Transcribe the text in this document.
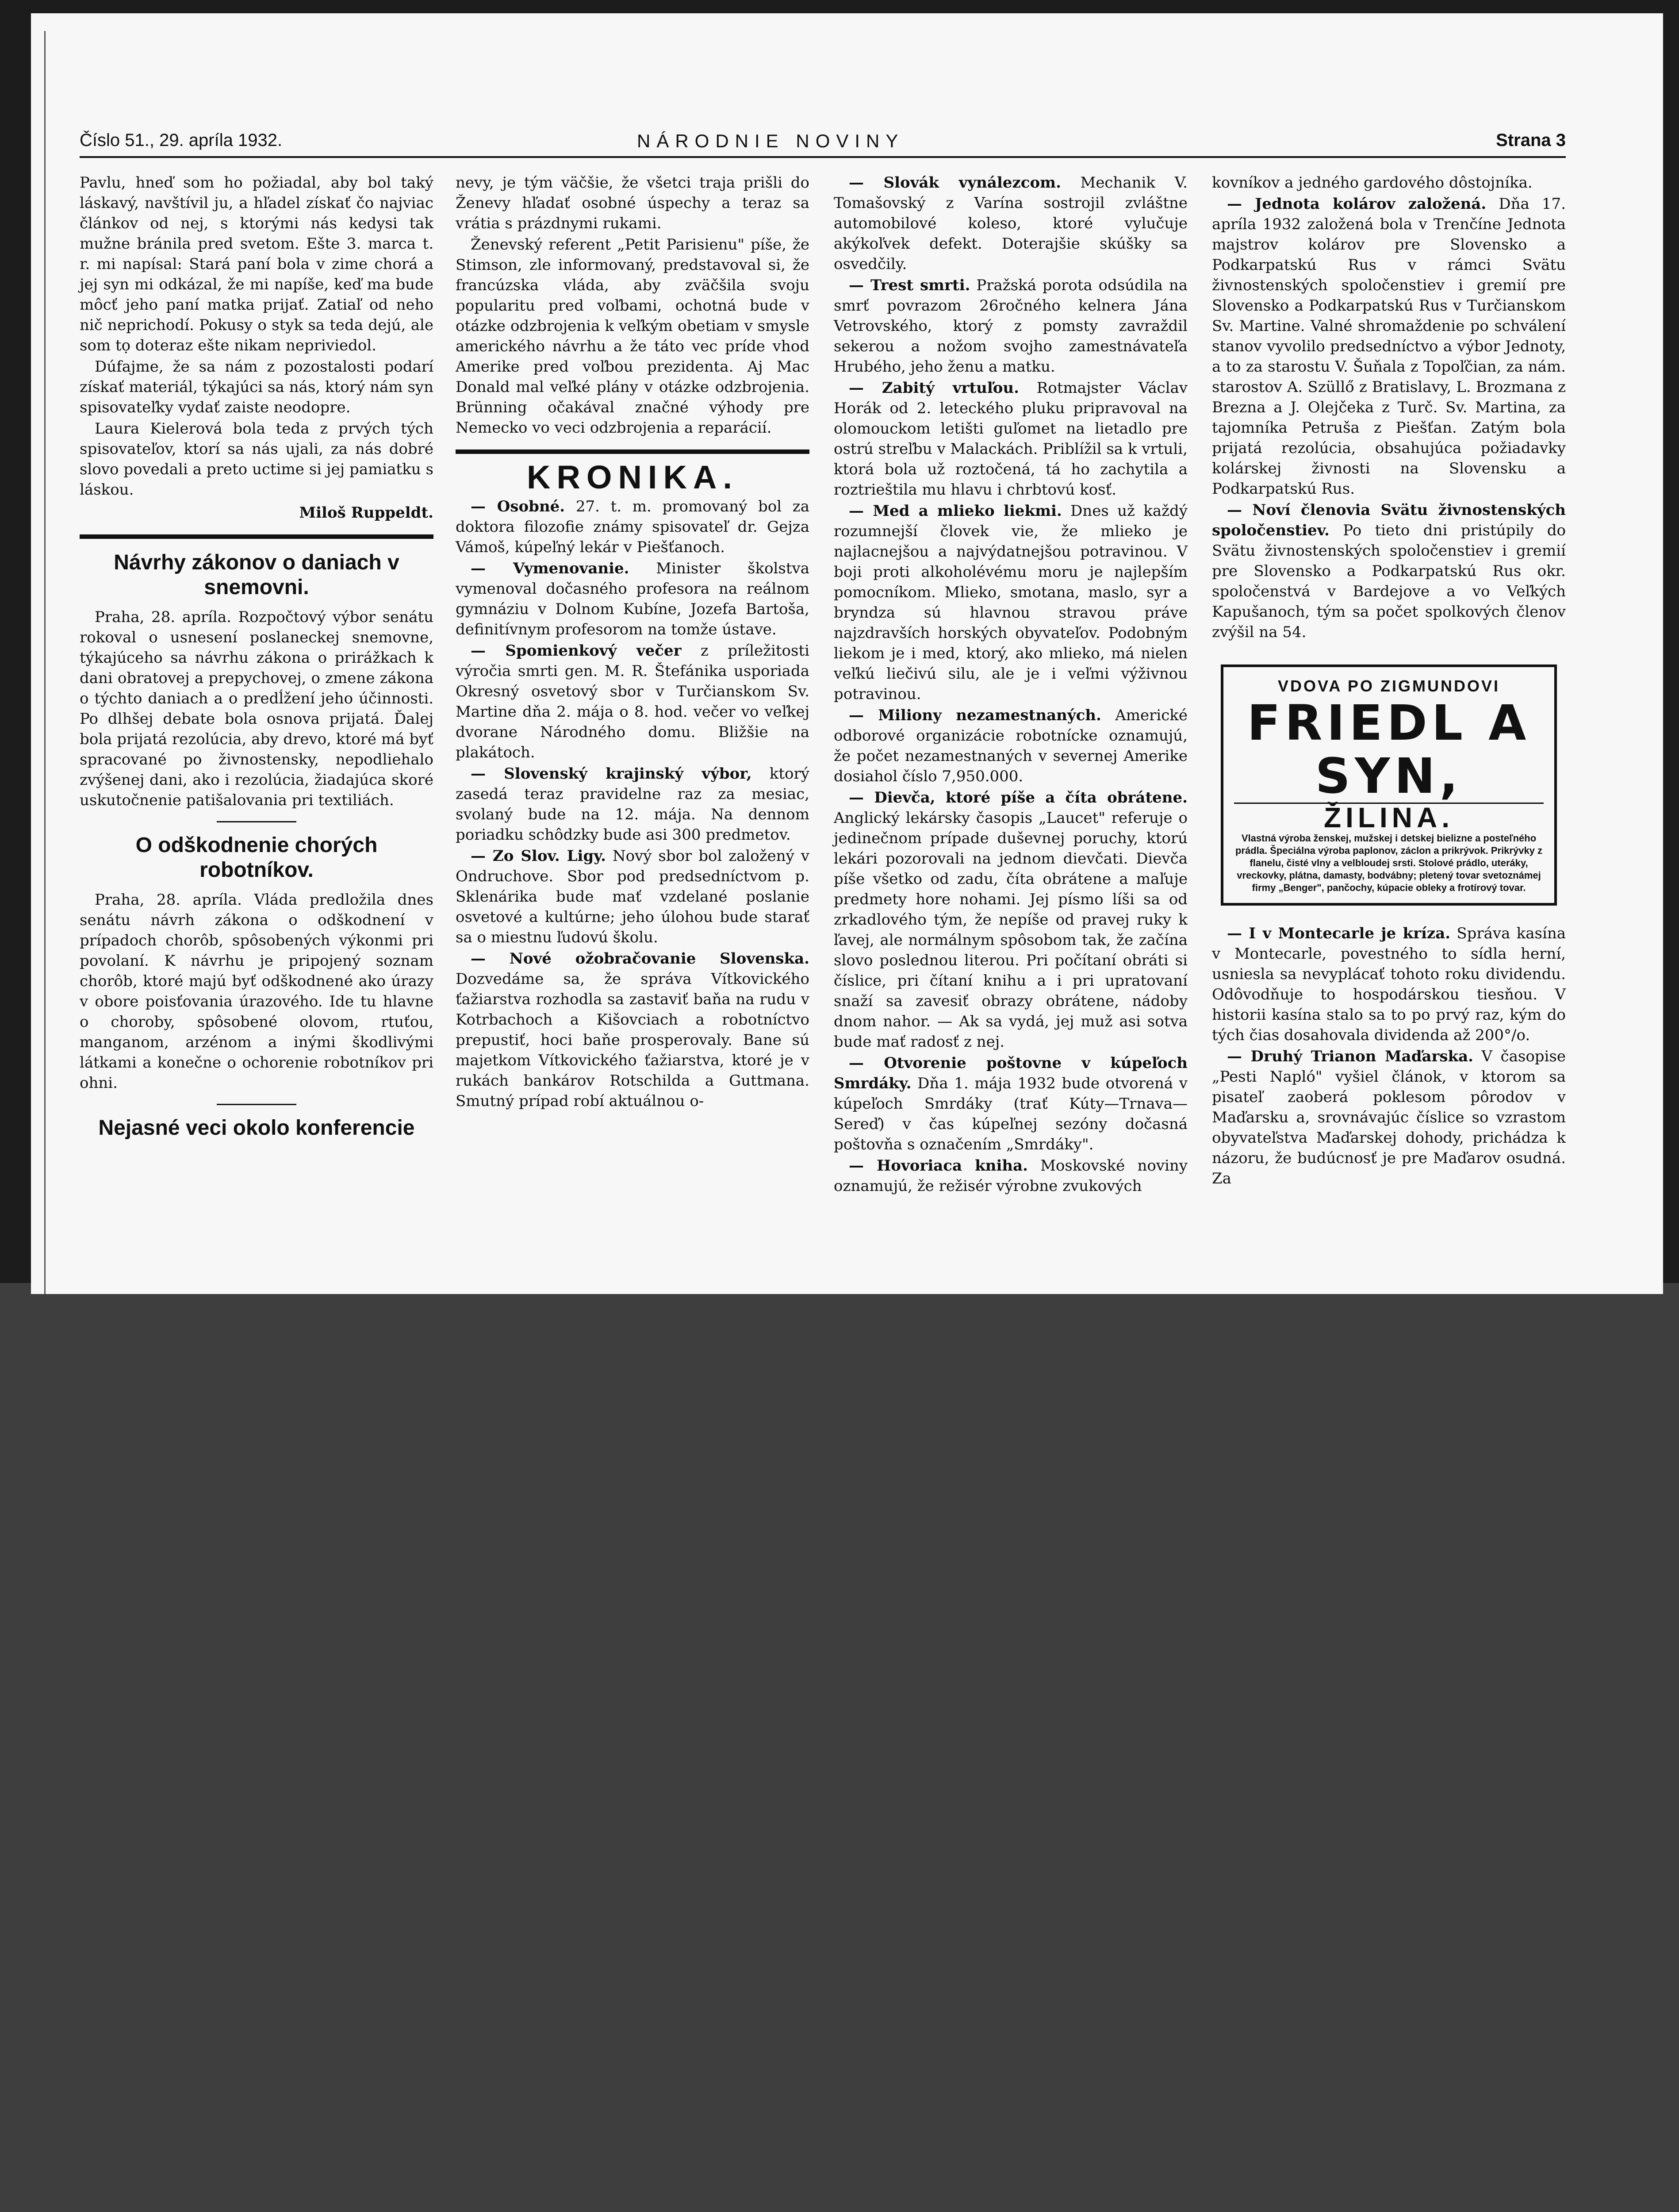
Číslo 51., 29. apríla 1932.	NÁRODNIE NOVINY	Strana 3

Pavlu, hneď som ho požiadal, aby bol taký láskavý, navštívil ju, a hľadel získať čo najviac článkov od nej, s ktorými nás kedysi tak mužne bránila pred svetom. Ešte 3. marca t. r. mi napísal: Stará paní bola v zime chorá a jej syn mi odkázal, že mi napíše, keď ma bude môcť jeho paní matka prijať. Zatiaľ od neho nič neprichodí. Pokusy o styk sa teda dejú, ale som tọ doteraz ešte nikam nepriviedol.

Dúfajme, že sa nám z pozostalosti podarí získať materiál, týkajúci sa nás, ktorý nám syn spisovateľky vydať zaiste neodopre.

Laura Kielerová bola teda z prvých tých spisovateľov, ktorí sa nás ujali, za nás dobré slovo povedali a preto uctime si jej pamiatku s láskou.

Miloš Ruppeldt.
Návrhy zákonov o daniach v snemovni.

Praha, 28. apríla. Rozpočtový výbor senátu rokoval o usnesení poslaneckej snemovne, týkajúceho sa návrhu zákona o prirážkach k dani obratovej a prepychovej, o zmene zákona o týchto daniach a o predĺžení jeho účinnosti. Po dlhšej debate bola osnova prijatá. Ďalej bola prijatá rezolúcia, aby drevo, ktoré má byť spracované po živnostensky, nepodliehalo zvýšenej dani, ako i rezolúcia, žiadajúca skoré uskutočnenie patišalovania pri textiliách.

O odškodnenie chorých robotníkov.

Praha, 28. apríla. Vláda predložila dnes senátu návrh zákona o odškodnení v prípadoch chorôb, spôsobených výkonmi pri povolaní. K návrhu je pripojený soznam chorôb, ktoré majú byť odškodnené ako úrazy v obore poisťovania úrazového. Ide tu hlavne o choroby, spôsobené olovom, rtuťou, manganom, arzénom a inými škodlivými látkami a konečne o ochorenie robotníkov pri ohni.

Nejasné veci okolo konferencie

nevy, je tým väčšie, že všetci traja prišli do Ženevy hľadať osobné úspechy a teraz sa vrátia s prázdnymi rukami.

Ženevský referent „Petit Parisienu" píše, že Stimson, zle informovaný, predstavoval si, že francúzska vláda, aby zväčšila svoju popularitu pred voľbami, ochotná bude v otázke odzbrojenia k veľkým obetiam v smysle amerického návrhu a že táto vec príde vhod Amerike pred voľbou prezidenta. Aj Mac Donald mal veľké plány v otázke odzbrojenia. Brünning očakával značné výhody pre Nemecko vo veci odzbrojenia a reparácií.

KRONIKA.

— Osobné. 27. t. m. promovaný bol za doktora filozofie známy spisovateľ dr. Gejza Vámoš, kúpeľný lekár v Piešťanoch.

— Vymenovanie. Minister školstva vymenoval dočasného profesora na reálnom gymnáziu v Dolnom Kubíne, Jozefa Bartoša, definitívnym profesorom na tomže ústave.

— Spomienkový večer z príležitosti výročia smrti gen. M. R. Štefánika usporiada Okresný osvetový sbor v Turčianskom Sv. Martine dňa 2. mája o 8. hod. večer vo veľkej dvorane Národného domu. Bližšie na plakátoch.

— Slovenský krajinský výbor, ktorý zasedá teraz pravidelne raz za mesiac, svolaný bude na 12. mája. Na dennom poriadku schôdzky bude asi 300 predmetov.

— Zo Slov. Ligy. Nový sbor bol založený v Ondruchove. Sbor pod predsedníctvom p. Sklenárika bude mať vzdelané poslanie osvetové a kultúrne; jeho úlohou bude starať sa o miestnu ľudovú školu.

— Nové ožobračovanie Slovenska. Dozvedáme sa, že správa Vítkovického ťažiarstva rozhodla sa zastaviť baňa na rudu v Kotrbachoch a Kišovciach a robotníctvo prepustiť, hoci baňe prosperovaly. Bane sú majetkom Vítkovického ťažiarstva, ktoré je v rukách bankárov Rotschilda a Guttmana. Smutný prípad robí aktuálnou o-

— Slovák vynálezcom. Mechanik V. Tomašovský z Varína sostrojil zvláštne automobilové koleso, ktoré vylučuje akýkoľvek defekt. Doterajšie skúšky sa osvedčily.

— Trest smrti. Pražská porota odsúdila na smrť povrazom 26ročného kelnera Jána Vetrovského, ktorý z pomsty zavraždil sekerou a nožom svojho zamestnávateľa Hrubého, jeho ženu a matku.

— Zabitý vrtuľou. Rotmajster Václav Horák od 2. leteckého pluku pripravoval na olomouckom letišti guľomet na lietadlo pre ostrú streľbu v Malackách. Priblížil sa k vrtuli, ktorá bola už roztočená, tá ho zachytila a roztrieštila mu hlavu i chrbtovú kosť.

— Med a mlieko liekmi. Dnes už každý rozumnejší človek vie, že mlieko je najlacnejšou a najvýdatnejšou potravinou. V boji proti alkoholévému moru je najlepším pomocníkom. Mlieko, smotana, maslo, syr a bryndza sú hlavnou stravou práve najzdravších horských obyvateľov. Podobným liekom je i med, ktorý, ako mlieko, má nielen veľkú liečivú silu, ale je i veľmi výživnou potravinou.

— Miliony nezamestnaných. Americké odborové organizácie robotnícke oznamujú, že počet nezamestnaných v severnej Amerike dosiahol číslo 7,950.000.

— Dievča, ktoré píše a číta obrátene. Anglický lekársky časopis „Laucet" referuje o jedinečnom prípade duševnej poruchy, ktorú lekári pozorovali na jednom dievčati. Dievča píše všetko od zadu, číta obrátene a maľuje predmety hore nohami. Jej písmo líši sa od zrkadlového tým, že nepíše od pravej ruky k ľavej, ale normálnym spôsobom tak, že začína slovo poslednou literou. Pri počítaní obráti si číslice, pri čítaní knihu a i pri upratovaní snaží sa zavesiť obrazy obrátene, nádoby dnom nahor. — Ak sa vydá, jej muž asi sotva bude mať radosť z nej.

— Otvorenie poštovne v kúpeľoch Smrdáky. Dňa 1. mája 1932 bude otvorená v kúpeľoch Smrdáky (trať Kúty—Trnava—Sereď) v čas kúpeľnej sezóny dočasná poštovňa s označením „Smrdáky".

— Hovoriaca kniha. Moskovské noviny oznamujú, že režisér výrobne zvukových

kovníkov a jedného gardového dôstojníka.

— Jednota kolárov založená. Dňa 17. apríla 1932 založená bola v Trenčíne Jednota majstrov kolárov pre Slovensko a Podkarpatskú Rus v rámci Svätu živnostenských spoločenstiev i gremií pre Slovensko a Podkarpatskú Rus v Turčianskom Sv. Martine. Valné shromaždenie po schválení stanov vyvolilo predsedníctvo a výbor Jednoty, a to za starostu V. Šuňala z Topoľčian, za nám. starostov A. Szüllő z Bratislavy, L. Brozmana z Brezna a J. Olejčeka z Turč. Sv. Martina, za tajomníka Petruša z Piešťan. Zatým bola prijatá rezolúcia, obsahujúca požiadavky kolárskej živnosti na Slovensku a Podkarpatskú Rus.

— Noví členovia Svätu živnostenských spoločenstiev. Po tieto dni pristúpily do Svätu živnostenských spoločenstiev i gremií pre Slovensko a Podkarpatskú Rus okr. spoločenstvá v Bardejove a vo Veľkých Kapušanoch, tým sa počet spolkových členov zvýšil na 54.

VDOVA PO ZIGMUNDOVI
FRIEDL A SYN,
ŽILINA.
Vlastná výroba ženskej, mužskej i detskej bielizne a posteľného prádla. Špeciálna výroba paplonov, záclon a prikrývok. Prikrývky z flanelu, čisté vlny a velbloudej srsti. Stolové prádlo, uteráky, vreckovky, plátna, damasty, bodvábny; pletený tovar svetoznámej firmy „Benger", pančochy, kúpacie obleky a frotírový tovar.

— I v Montecarle je kríza. Správa kasína v Montecarle, povestného to sídla herní, usniesla sa nevyplácať tohoto roku dividendu. Odôvodňuje to hospodárskou tiesňou. V historii kasína stalo sa to po prvý raz, kým do tých čias dosahovala dividenda až 200°/o.

— Druhý Trianon Maďarska. V časopise „Pesti Napló" vyšiel článok, v ktorom sa pisateľ zaoberá poklesom pôrodov v Maďarsku a, srovnávajúc číslice so vzrastom obyvateľstva Maďarskej dohody, prichádza k názoru, že budúcnosť je pre Maďarov osudná. Za
